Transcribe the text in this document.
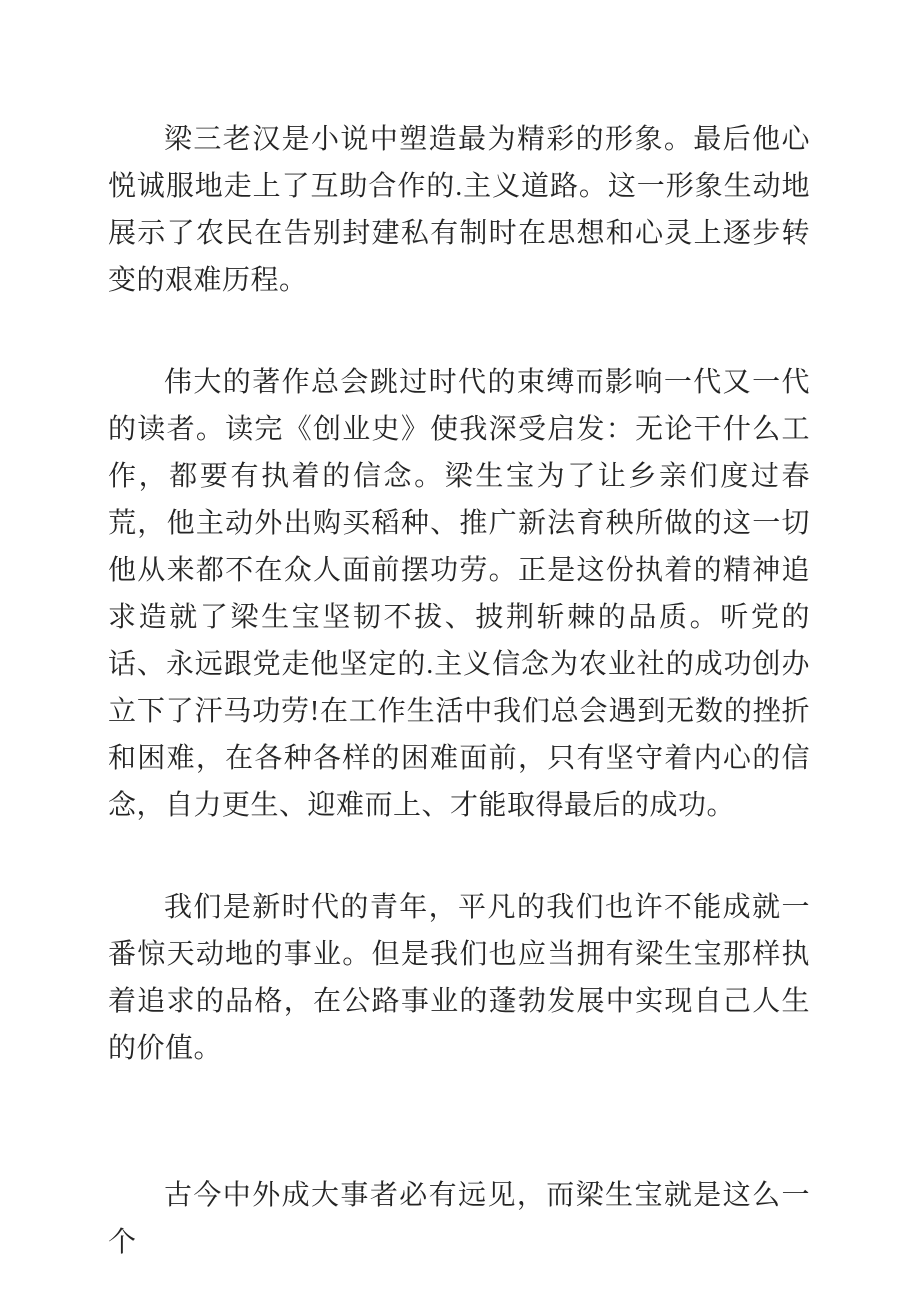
梁三老汉是小说中塑造最为精彩的形象。最后他心悦诚服地走上了互助合作的.主义道路。这一形象生动地展示了农民在告别封建私有制时在思想和心灵上逐步转变的艰难历程。

伟大的著作总会跳过时代的束缚而影响一代又一代的读者。读完《创业史》使我深受启发：无论干什么工作，都要有执着的信念。梁生宝为了让乡亲们度过春荒，他主动外出购买稻种、推广新法育秧所做的这一切他从来都不在众人面前摆功劳。正是这份执着的精神追求造就了梁生宝坚韧不拔、披荆斩棘的品质。听党的话、永远跟党走他坚定的.主义信念为农业社的成功创办立下了汗马功劳!在工作生活中我们总会遇到无数的挫折和困难，在各种各样的困难面前，只有坚守着内心的信念，自力更生、迎难而上、才能取得最后的成功。

我们是新时代的青年，平凡的我们也许不能成就一番惊天动地的事业。但是我们也应当拥有梁生宝那样执着追求的品格，在公路事业的蓬勃发展中实现自己人生的价值。

古今中外成大事者必有远见，而梁生宝就是这么一个
